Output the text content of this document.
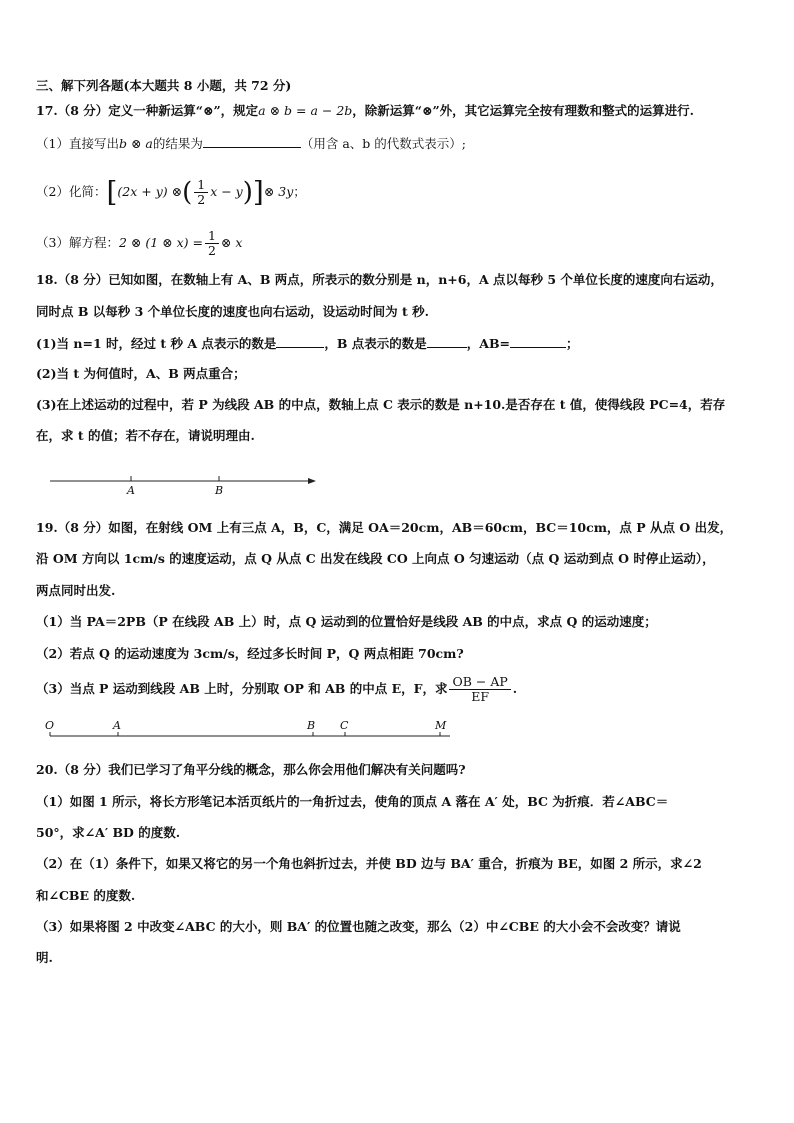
三、解下列各题(本大题共 8 小题，共 72 分)
17.（8 分）定义一种新运算“⊗”，规定a ⊗ b = a − 2b，除新运算“⊗”外，其它运算完全按有理数和整式的运算进行.
（1）直接写出b ⊗ a的结果为	（用含 a、b 的代数式表示）;
（2）化简：[(2x + y) ⊗( $\frac{1}{2}$ x − y)]⊗ 3y；
（3）解方程：2 ⊗ (1 ⊗ $x) = \frac{1}{2}$ ⊗ x
18.（8 分）已知如图，在数轴上有 A、B 两点，所表示的数分别是 n，n+6，A 点以每秒 5 个单位长度的速度向右运动，
同时点 B 以每秒 3 个单位长度的速度也向右运动，设运动时间为 t 秒.
(1)当 n=1 时，经过 t 秒 A 点表示的数是	，B 点表示的数是	，AB=	；
(2)当 t 为何值时，A、B 两点重合；
(3)在上述运动的过程中，若 P 为线段 AB 的中点，数轴上点 C 表示的数是 n+10.是否存在 t 值，使得线段 PC=4，若存
在，求 t 的值；若不存在，请说明理由.
A	B
19.（8 分）如图，在射线 OM 上有三点 A，B，C，满足 OA＝20cm，AB＝60cm，BC＝10cm，点 P 从点 O 出发，
沿 OM 方向以 1cm/s 的速度运动，点 Q 从点 C 出发在线段 CO 上向点 O 匀速运动（点 Q 运动到点 O 时停止运动），
两点同时出发.
（1）当 PA＝2PB（P 在线段 AB 上）时，点 Q 运动到的位置恰好是线段 AB 的中点，求点 Q 的运动速度；
（2）若点 Q 的运动速度为 3cm/s，经过多长时间 P，Q 两点相距 70cm?
（3）当点 P 运动到线段 AB 上时，分别取 OP 和 AB 的中点 E，F，求 $\frac{OB - AP}{EF}$ .
O	A	B C	M
20.（8 分）我们已学习了角平分线的概念，那么你会用他们解决有关问题吗?
（1）如图 1 所示，将长方形笔记本活页纸片的一角折过去，使角的顶点 A 落在 A′ 处，BC 为折痕．若∠ABC＝
50°，求∠A′ BD 的度数.
（2）在（1）条件下，如果又将它的另一个角也斜折过去，并使 BD 边与 BA′ 重合，折痕为 BE，如图 2 所示，求∠2
和∠CBE 的度数.
（3）如果将图 2 中改变∠ABC 的大小，则 BA′ 的位置也随之改变，那么（2）中∠CBE 的大小会不会改变？请说
明.
